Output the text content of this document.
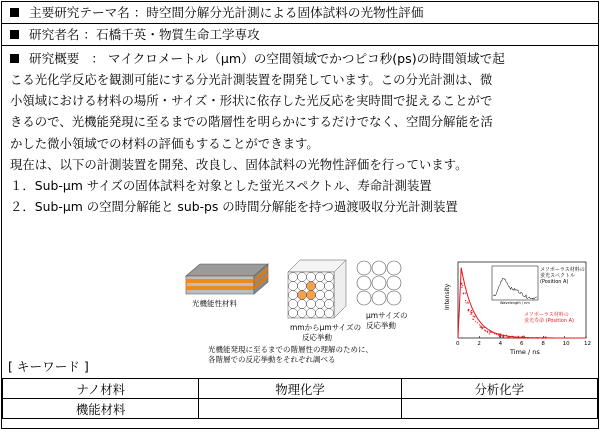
主要研究テーマ名 ：時空間分解分光計測による固体試料の光物性評価
研究者名 ：石橋千英・物質生命工学専攻
研究概要 ： マイクロメートル（µm）の空間領域でかつピコ秒(ps)の時間領域で起
こる光化学反応を観測可能にする分光計測装置を開発しています。この分光計測は、微
小領域における材料の場所・サイズ・形状に依存した光反応を実時間で捉えることがで
きるので、光機能発現に至るまでの階層性を明らかにするだけでなく、空間分解能を活
かした微小領域での材料の評価もすることができます。
現在は、以下の計測装置を開発、改良し、固体試料の光物性評価を行っています。
１．Sub-µm サイズの固体試料を対象とした蛍光スペクトル、寿命計測装置
２．Sub-µm の空間分解能と sub-ps の時間分解能を持つ過渡吸収分光計測装置
光機能性材料
mmからµmサイズの
反応挙動
µmサイズの
反応挙動
光機能発現に至るまでの階層性の理解のために、
各階層での反応挙動をそれぞれ調べる
Intensity
Time / ns
Wavelength / nm
メソポーラス材料の
蛍光スペクトル
(Position A)
メソポーラス材料の
蛍光寿命 (Position A)
0	2	4	6	8	10	12
[ キーワード ]
ナノ材料	物理化学	分析化学
機能材料		
